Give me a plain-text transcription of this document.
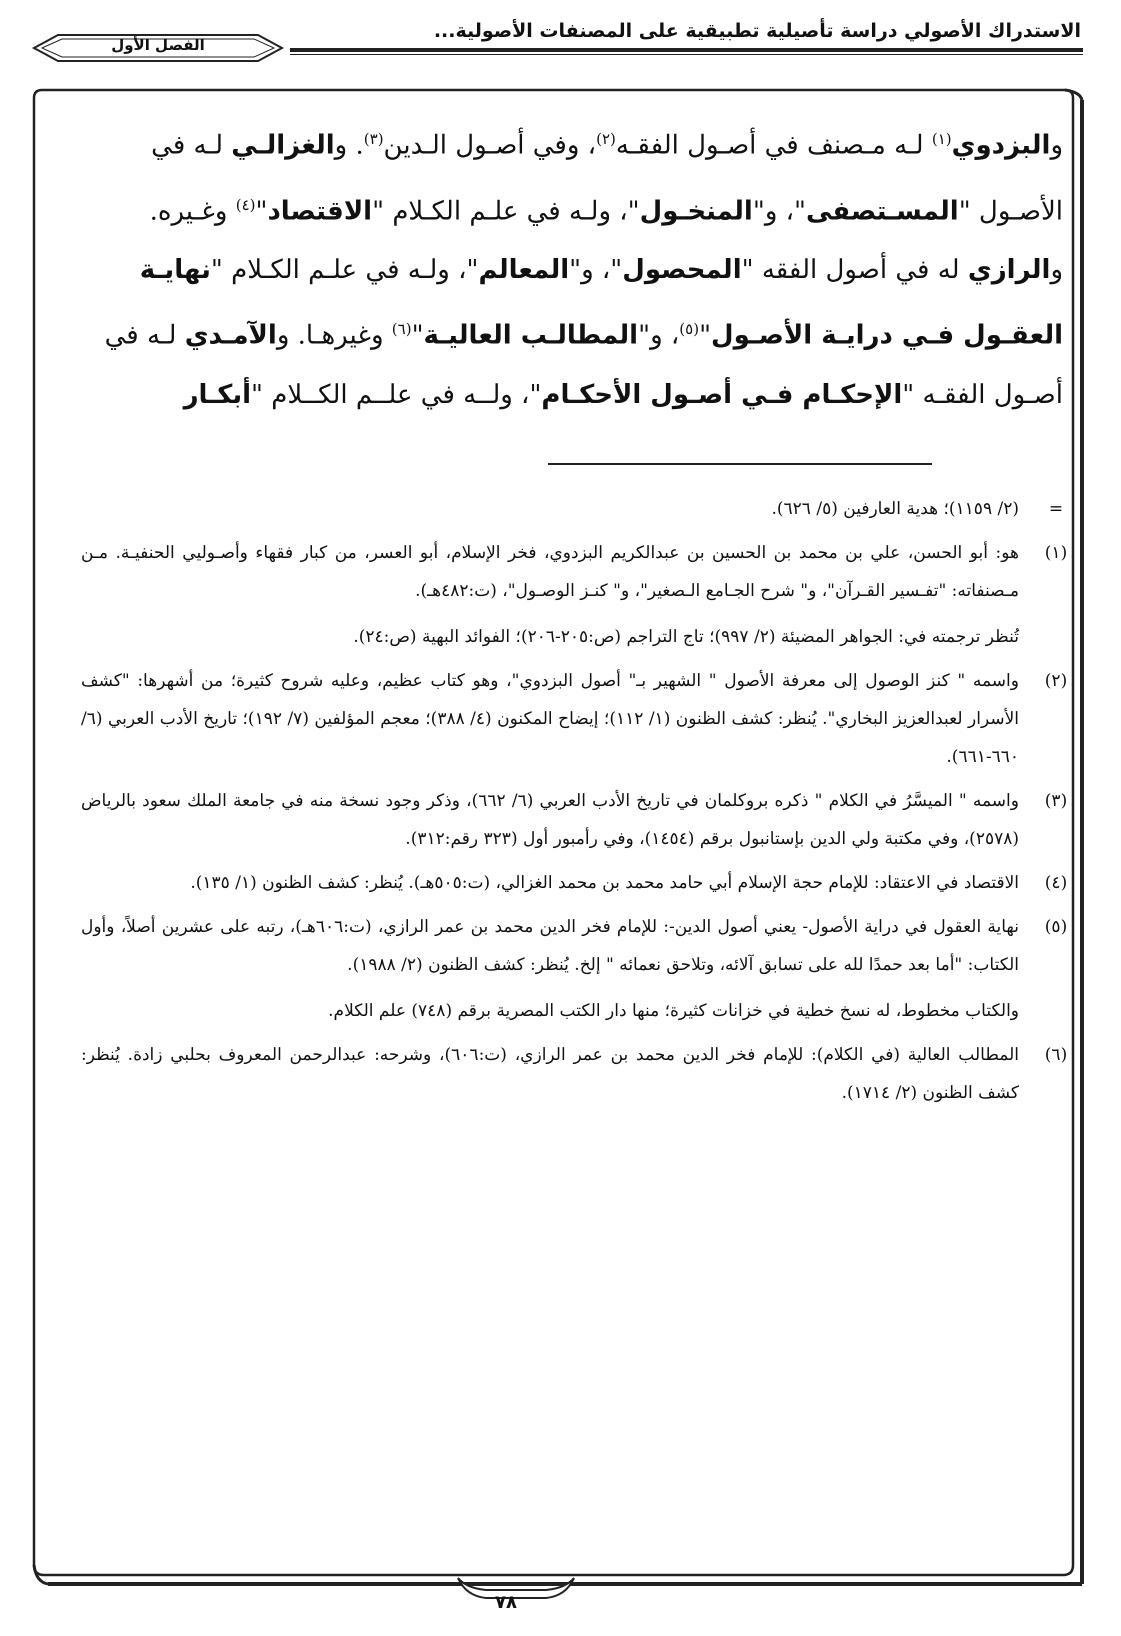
الاستدراك الأصولي دراسة تأصيلية تطبيقية على المصنفات الأصولية...
الفصل الأول

والبزدوي$^{(١)}$ لـه مـصنف في أصـول الفقـه$^{(٢)}$، وفي أصـول الـدين$^{(٣)}$. والغزالـي لـه في

الأصـول "المسـتصفى"، و"المنخـول"، ولـه في علـم الكـلام "الاقتصاد"$^{(٤)}$ وغـيره.

والرازي له في أصول الفقه "المحصول"، و"المعالم"، ولـه في علـم الكـلام "نهايـة

العقـول فـي درايـة الأصـول"$^{(٥)}$، و"المطالـب العاليـة"$^{(٦)}$ وغيرهـا. والآمـدي لـه في

أصـول الفقـه "الإحكـام فـي أصـول الأحكـام"، ولــه في علــم الكــلام "أبكـار

=
(٢/ ١١٥٩)؛ هدية العارفين (٥/ ٦٢٦).
(١)
هو: أبو الحسن، علي بن محمد بن الحسين بن عبدالكريم البزدوي، فخر الإسلام، أبو العسر، من كبار فقهاء وأصـوليي الحنفيـة. مـن مـصنفاته: "تفـسير القـرآن"، و" شرح الجـامع الـصغير"، و" كنـز الوصـول"، (ت:٤٨٢هـ).
تُنظر ترجمته في: الجواهر المضيئة (٢/ ٩٩٧)؛ تاج التراجم (ص:٢٠٥-٢٠٦)؛ الفوائد البهية (ص:٢٤).
(٢)
واسمه " كنز الوصول إلى معرفة الأصول " الشهير بـ" أصول البزدوي"، وهو كتاب عظيم، وعليه شروح كثيرة؛ من أشهرها: "كشف الأسرار لعبدالعزيز البخاري". يُنظر: كشف الظنون (١/ ١١٢)؛ إيضاح المكنون (٤/ ٣٨٨)؛ معجم المؤلفين (٧/ ١٩٢)؛ تاريخ الأدب العربي (٦/ ٦٦٠-٦٦١).
(٣)
واسمه " الميسَّرُ في الكلام " ذكره بروكلمان في تاريخ الأدب العربي (٦/ ٦٦٢)، وذكر وجود نسخة منه في جامعة الملك سعود بالرياض (٢٥٧٨)، وفي مكتبة ولي الدين بإستانبول برقم (١٤٥٤)، وفي رأمبور أول (٣٢٣ رقم:٣١٢).
(٤)
الاقتصاد في الاعتقاد: للإمام حجة الإسلام أبي حامد محمد بن محمد الغزالي، (ت:٥٠٥هـ). يُنظر: كشف الظنون (١/ ١٣٥).
(٥)
نهاية العقول في دراية الأصول- يعني أصول الدين-: للإمام فخر الدين محمد بن عمر الرازي، (ت:٦٠٦هـ)، رتبه على عشرين أصلاً، وأول الكتاب: "أما بعد حمدًا لله على تسابق آلائه، وتلاحق نعمائه " إلخ. يُنظر: كشف الظنون (٢/ ١٩٨٨).
والكتاب مخطوط، له نسخ خطية في خزانات كثيرة؛ منها دار الكتب المصرية برقم (٧٤٨) علم الكلام.
(٦)
المطالب العالية (في الكلام): للإمام فخر الدين محمد بن عمر الرازي، (ت:٦٠٦)، وشرحه: عبدالرحمن المعروف بحلبي زادة. يُنظر: كشف الظنون (٢/ ١٧١٤).
٧٨
